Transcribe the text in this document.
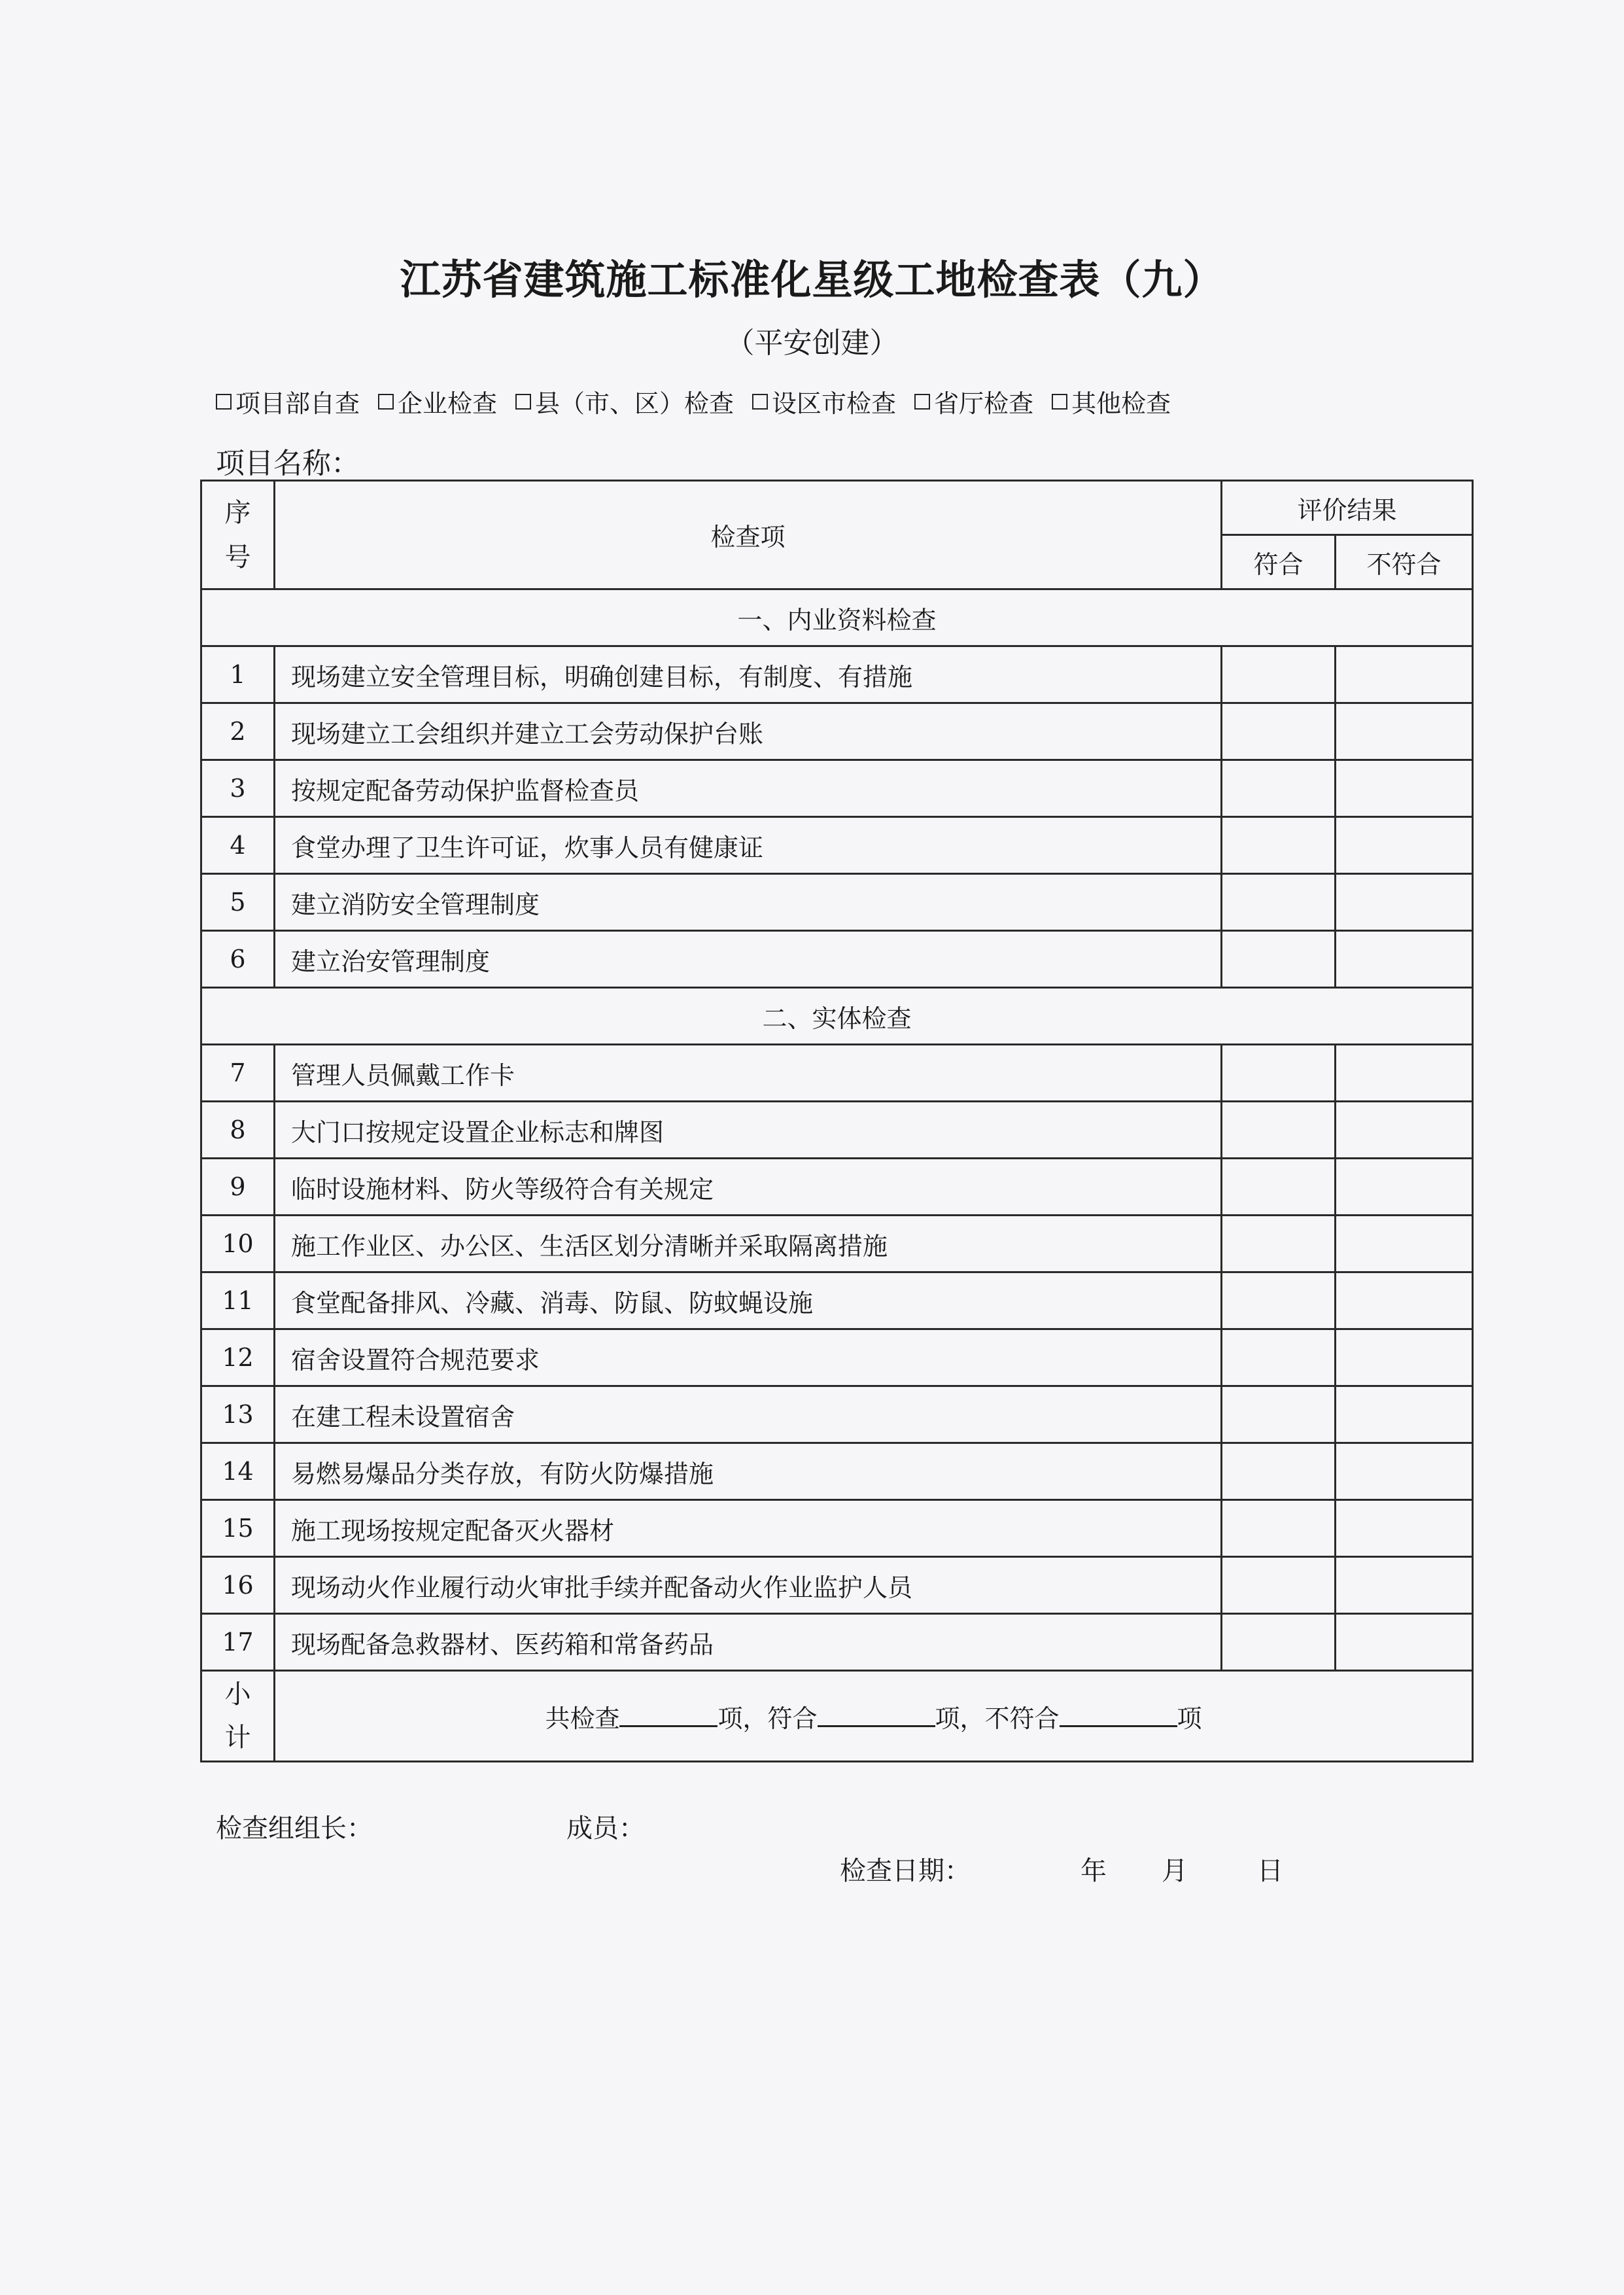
江苏省建筑施工标准化星级工地检查表（九）
（平安创建）
项目部自查 企业检查 县（市、区）检查 设区市检查 省厅检查 其他检查
项目名称：
序
号	检查项	评价结果	
		符合	不符合
一、内业资料检查			
1	现场建立安全管理目标，明确创建目标，有制度、有措施		
2	现场建立工会组织并建立工会劳动保护台账		
3	按规定配备劳动保护监督检查员		
4	食堂办理了卫生许可证，炊事人员有健康证		
5	建立消防安全管理制度		
6	建立治安管理制度		
二、实体检查			
7	管理人员佩戴工作卡		
8	大门口按规定设置企业标志和牌图		
9	临时设施材料、防火等级符合有关规定		
10	施工作业区、办公区、生活区划分清晰并采取隔离措施		
11	食堂配备排风、冷藏、消毒、防鼠、防蚊蝇设施		
12	宿舍设置符合规范要求		
13	在建工程未设置宿舍		
14	易燃易爆品分类存放，有防火防爆措施		
15	施工现场按规定配备灭火器材		
16	现场动火作业履行动火审批手续并配备动火作业监护人员		
17	现场配备急救器材、医药箱和常备药品		

小
计	共检查 项，符合 项，不符合 项		
检查组组长：	成员：
检查日期：	年	月	日
